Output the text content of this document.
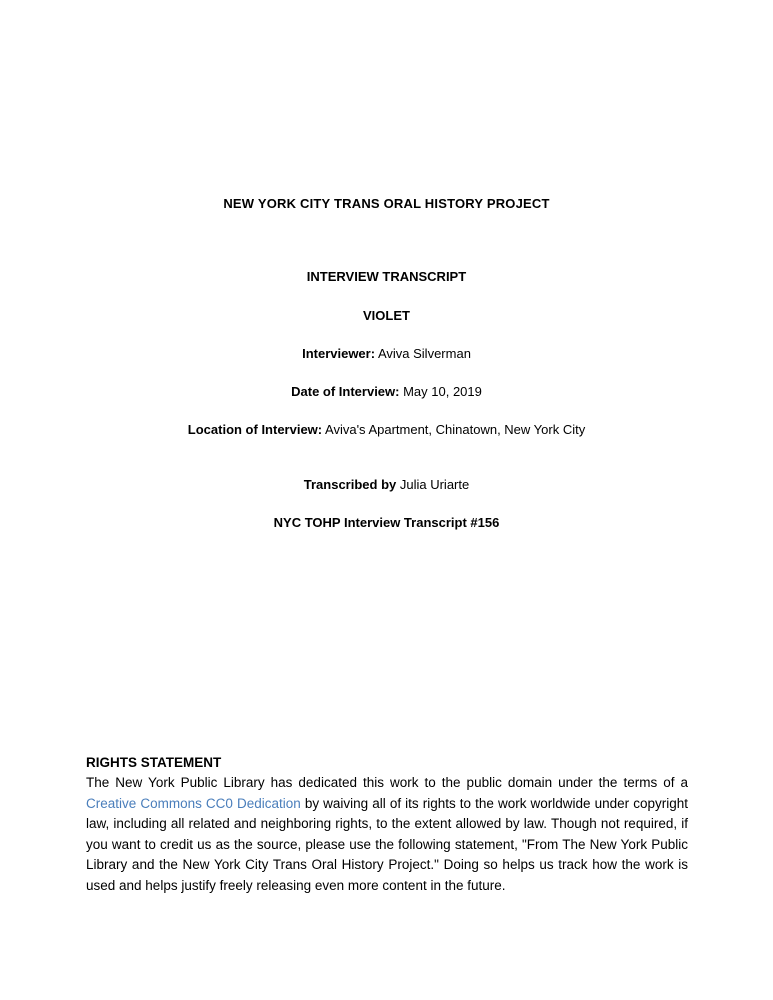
NEW YORK CITY TRANS ORAL HISTORY PROJECT

INTERVIEW TRANSCRIPT

VIOLET

Interviewer: Aviva Silverman

Date of Interview: May 10, 2019

Location of Interview: Aviva's Apartment, Chinatown, New York City

Transcribed by Julia Uriarte

NYC TOHP Interview Transcript #156

RIGHTS STATEMENT

The New York Public Library has dedicated this work to the public domain under the terms of a Creative Commons CC0 Dedication by waiving all of its rights to the work worldwide under copyright law, including all related and neighboring rights, to the extent allowed by law. Though not required, if you want to credit us as the source, please use the following statement, "From The New York Public Library and the New York City Trans Oral History Project." Doing so helps us track how the work is used and helps justify freely releasing even more content in the future.
